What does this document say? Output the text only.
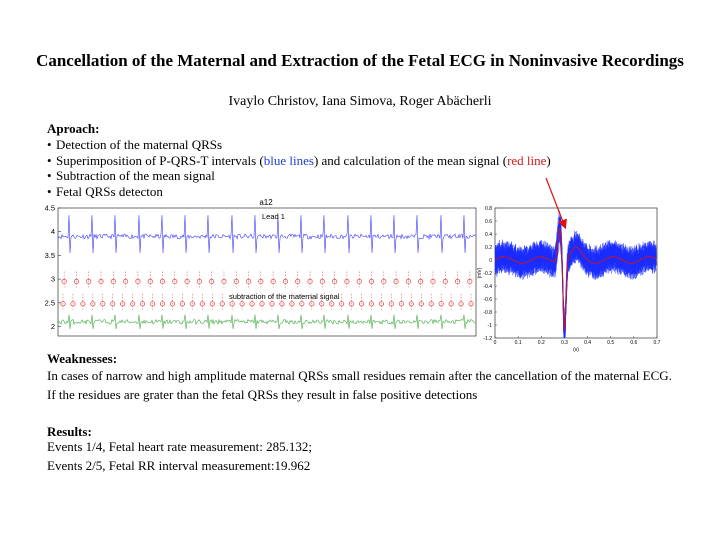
Cancellation of the Maternal and Extraction of the Fetal ECG in Noninvasive Recordings
Ivaylo Christov, Iana Simova, Roger Abächerli
Aproach:
• Detection of the maternal QRSs
• Superimposition of P-QRS-T intervals (blue lines) and calculation of the mean signal (red line)
• Subtraction of the mean signal
• Fetal QRSs detecton
a12
4.5
4
3.5
3
2.5
2
Lead 1
subtraction of the maternal signal
0.8
0.6
0.4
0.2
0
-0.2
-0.4
-0.6
-0.8
-1
-1.2
0	0.1	0.2	0.3	0.4	0.5	0.6	0.7
(s)
(mV)
Weaknesses:
In cases of narrow and high amplitude maternal QRSs small residues remain after the cancellation of the maternal ECG.
If the residues are grater than the fetal QRSs they result in false positive detections
Results:
Events 1/4, Fetal heart rate measurement: 285.132;
Events 2/5, Fetal RR interval measurement:19.962
